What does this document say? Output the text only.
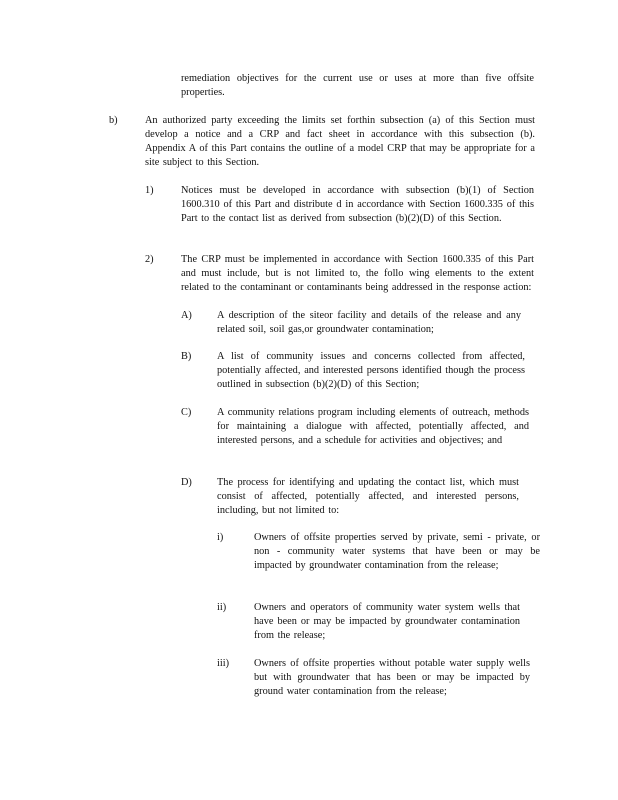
remediation objectives for the current use or uses at more than five offsite properties.
b)	An authorized party exceeding the limits set forthin subsection (a) of this Section must develop a notice and a CRP and fact sheet in accordance with this subsection (b). Appendix A of this Part contains the outline of a model CRP that may be appropriate for a site subject to this Section.
1)	Notices must be developed in accordance with subsection (b)(1) of Section 1600.310 of this Part and distribute d in accordance with Section 1600.335 of this Part to the contact list as derived from subsection (b)(2)(D) of this Section.
2)	The CRP must be implemented in accordance with Section 1600.335 of this Part and must include, but is not limited to, the follo wing elements to the extent related to the contaminant or contaminants being addressed in the response action:
A) A description of the siteor facility and details of the release and any related soil, soil gas,or groundwater contamination;
B) A list of community issues and concerns collected from affected, potentially affected, and interested persons identified though the process outlined in subsection (b)(2)(D) of this Section;
C) A community relations program including elements of outreach, methods for maintaining a dialogue with affected, potentially affected, and interested persons, and a schedule for activities and objectives; and
D) The process for identifying and updating the contact list, which must consist of affected, potentially affected, and interested persons, including, but not limited to:
i)	Owners of offsite properties served by private, semi - private, or non - community water systems that have been or may be impacted by groundwater contamination from the release;
ii)	Owners and operators of community water system wells that have been or may be impacted by groundwater contamination from the release;
iii) Owners of offsite properties without potable water supply wells but with groundwater that has been or may be impacted by ground water contamination from the release;
